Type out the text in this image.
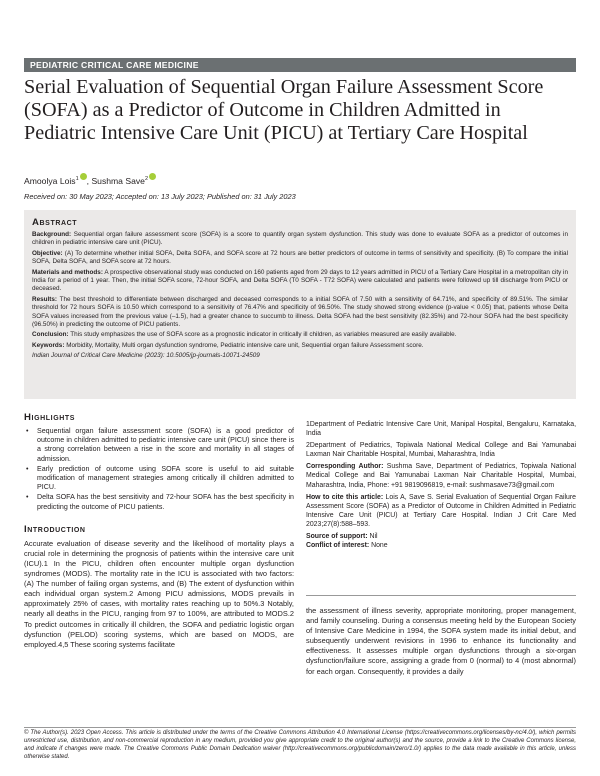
PEDIATRIC CRITICAL CARE MEDICINE
Serial Evaluation of Sequential Organ Failure Assessment Score (SOFA) as a Predictor of Outcome in Children Admitted in Pediatric Intensive Care Unit (PICU) at Tertiary Care Hospital
Amoolya Lois$^1$ , Sushma Save$^2$
Received on: 30 May 2023; Accepted on: 13 July 2023; Published on: 31 July 2023
Abstract

Background: Sequential organ failure assessment score (SOFA) is a score to quantify organ system dysfunction. This study was done to evaluate SOFA as a predictor of outcomes in children in pediatric intensive care unit (PICU).

Objective: (A) To determine whether initial SOFA, Delta SOFA, and SOFA score at 72 hours are better predictors of outcome in terms of sensitivity and specificity. (B) To compare the initial SOFA, Delta SOFA, and SOFA score at 72 hours.

Materials and methods: A prospective observational study was conducted on 160 patients aged from 29 days to 12 years admitted in PICU of a Tertiary Care Hospital in a metropolitan city in India for a period of 1 year. Then, the initial SOFA score, 72-hour SOFA, and Delta SOFA (T0 SOFA - T72 SOFA) were calculated and patients were followed up till discharge from PICU or deceased.

Results: The best threshold to differentiate between discharged and deceased corresponds to a initial SOFA of 7.50 with a sensitivity of 64.71%, and specificity of 89.51%. The similar threshold for 72 hours SOFA is 10.50 which correspond to a sensitivity of 76.47% and specificity of 96.50%. The study showed strong evidence (p-value < 0.05) that, patients whose Delta SOFA values increased from the previous value (–1.5), had a greater chance to succumb to illness. Delta SOFA had the best sensitivity (82.35%) and 72-hour SOFA had the best specificity (96.50%) in predicting the outcome of PICU patients.

Conclusion: This study emphasizes the use of SOFA score as a prognostic indicator in critically ill children, as variables measured are easily available.

Keywords: Morbidity, Mortality, Multi organ dysfunction syndrome, Pediatric intensive care unit, Sequential organ failure Assessment score.

Indian Journal of Critical Care Medicine (2023): 10.5005/jp-journals-10071-24509

Highlights
• Sequential organ failure assessment score (SOFA) is a good predictor of outcome in children admitted to pediatric intensive care unit (PICU) since there is a strong correlation between a rise in the score and mortality in all stages of admission.
• Early prediction of outcome using SOFA score is useful to aid suitable modification of management strategies among critically ill children admitted to PICU.
• Delta SOFA has the best sensitivity and 72-hour SOFA has the best specificity in predicting the outcome of PICU patients.
Introduction

Accurate evaluation of disease severity and the likelihood of mortality plays a crucial role in determining the prognosis of patients within the intensive care unit (ICU).1 In the PICU, children often encounter multiple organ dysfunction syndromes (MODS). The mortality rate in the ICU is associated with two factors: (A) The number of failing organ systems, and (B) The extent of dysfunction within each individual organ system.2 Among PICU admissions, MODS prevails in approximately 25% of cases, with mortality rates reaching up to 50%.3 Notably, nearly all deaths in the PICU, ranging from 97 to 100%, are attributed to MODS.2 To predict outcomes in critically ill children, the SOFA and pediatric logistic organ dysfunction (PELOD) scoring systems, which are based on MODS, are employed.4,5 These scoring systems facilitate

1Department of Pediatric Intensive Care Unit, Manipal Hospital, Bengaluru, Karnataka, India

2Department of Pediatrics, Topiwala National Medical College and Bai Yamunabai Laxman Nair Charitable Hospital, Mumbai, Maharashtra, India

Corresponding Author: Sushma Save, Department of Pediatrics, Topiwala National Medical College and Bai Yamunabai Laxman Nair Charitable Hospital, Mumbai, Maharashtra, India, Phone: +91 9819096819, e-mail: sushmasave73@gmail.com

How to cite this article: Lois A, Save S. Serial Evaluation of Sequential Organ Failure Assessment Score (SOFA) as a Predictor of Outcome in Children Admitted in Pediatric Intensive Care Unit (PICU) at Tertiary Care Hospital. Indian J Crit Care Med 2023;27(8):588–593.

Source of support: Nil

Conflict of interest: None

the assessment of illness severity, appropriate monitoring, proper management, and family counseling. During a consensus meeting held by the European Society of Intensive Care Medicine in 1994, the SOFA system made its initial debut, and subsequently underwent revisions in 1996 to enhance its functionality and effectiveness. It assesses multiple organ dysfunctions through a six-organ dysfunction/failure score, assigning a grade from 0 (normal) to 4 (most abnormal) for each organ. Consequently, it provides a daily

© The Author(s). 2023 Open Access. This article is distributed under the terms of the Creative Commons Attribution 4.0 International License (https://creativecommons.org/licenses/by-nc/4.0/), which permits unrestricted use, distribution, and non-commercial reproduction in any medium, provided you give appropriate credit to the original author(s) and the source, provide a link to the Creative Commons license, and indicate if changes were made. The Creative Commons Public Domain Dedication waiver (http://creativecommons.org/publicdomain/zero/1.0/) applies to the data made available in this article, unless otherwise stated.
